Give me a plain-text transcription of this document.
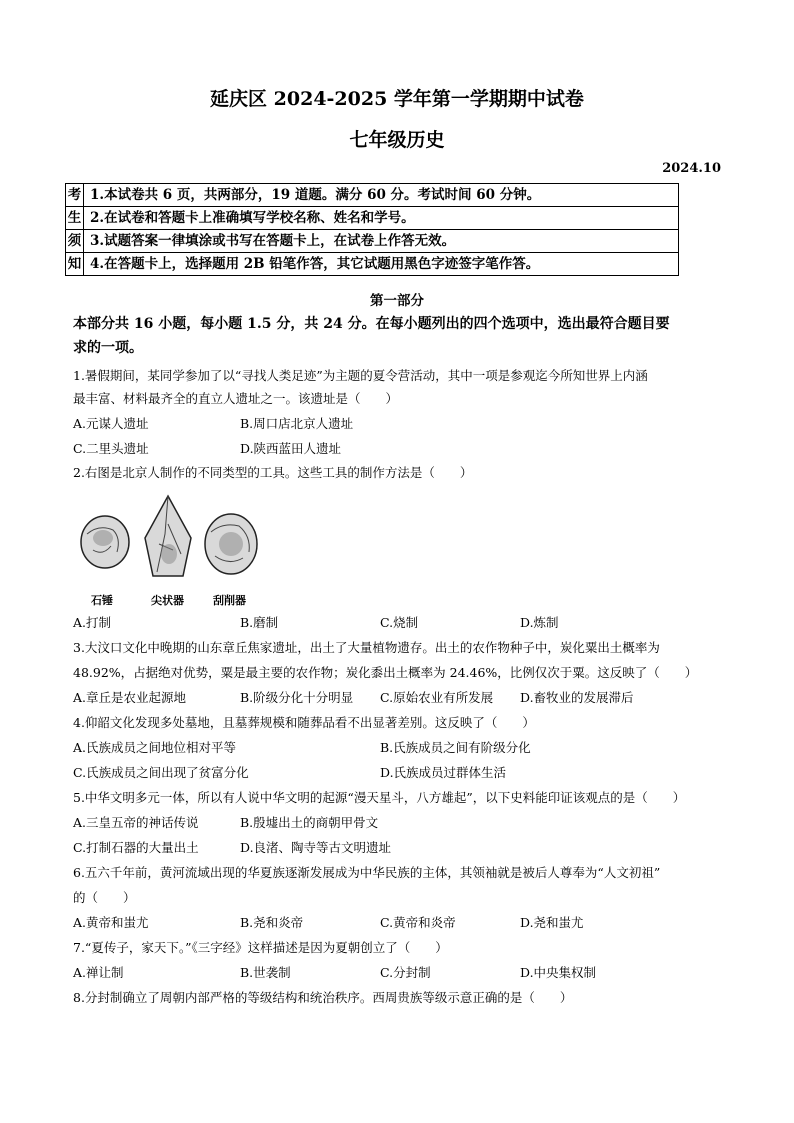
延庆区 2024-2025 学年第一学期期中试卷
七年级历史
2024.10
考	1.本试卷共 6 页，共两部分，19 道题。满分 60 分。考试时间 60 分钟。
生	2.在试卷和答题卡上准确填写学校名称、姓名和学号。
须	3.试题答案一律填涂或书写在答题卡上，在试卷上作答无效。
知	4.在答题卡上，选择题用 2B 铅笔作答，其它试题用黑色字迹签字笔作答。
第一部分
本部分共 16 小题，每小题 1.5 分，共 24 分。在每小题列出的四个选项中，选出最符合题目要
求的一项。
1.暑假期间，某同学参加了以“寻找人类足迹”为主题的夏令营活动，其中一项是参观迄今所知世界上内涵
最丰富、材料最齐全的直立人遗址之一。该遗址是（　　）
A.元谋人遗址	B.周口店北京人遗址
C.二里头遗址	D.陕西蓝田人遗址
2.右图是北京人制作的不同类型的工具。这些工具的制作方法是（　　）
石锤	尖状器	刮削器
A.打制	B.磨制	C.烧制	D.炼制
3.大汶口文化中晚期的山东章丘焦家遗址，出土了大量植物遗存。出土的农作物种子中，炭化粟出土概率为
48.92%，占据绝对优势，粟是最主要的农作物；炭化黍出土概率为 24.46%，比例仅次于粟。这反映了（　　）
A.章丘是农业起源地	B.阶级分化十分明显 C.原始农业有所发展 D.畜牧业的发展滞后
4.仰韶文化发现多处墓地，且墓葬规模和随葬品看不出显著差别。这反映了（　　）
A.氏族成员之间地位相对平等	B.氏族成员之间有阶级分化
C.氏族成员之间出现了贫富分化	D.氏族成员过群体生活
5.中华文明多元一体，所以有人说中华文明的起源“漫天星斗，八方雄起”，以下史料能印证该观点的是（　　）
A.三皇五帝的神话传说	B.殷墟出土的商朝甲骨文
C.打制石器的大量出土	D.良渚、陶寺等古文明遗址
6.五六千年前，黄河流域出现的华夏族逐渐发展成为中华民族的主体，其领袖就是被后人尊奉为“人文初祖”
的（　　）
A.黄帝和蚩尤	B.尧和炎帝	C.黄帝和炎帝	D.尧和蚩尤
7.“夏传子，家天下。”《三字经》这样描述是因为夏朝创立了（　　）
A.禅让制	B.世袭制	C.分封制	D.中央集权制
8.分封制确立了周朝内部严格的等级结构和统治秩序。西周贵族等级示意正确的是（　　）
